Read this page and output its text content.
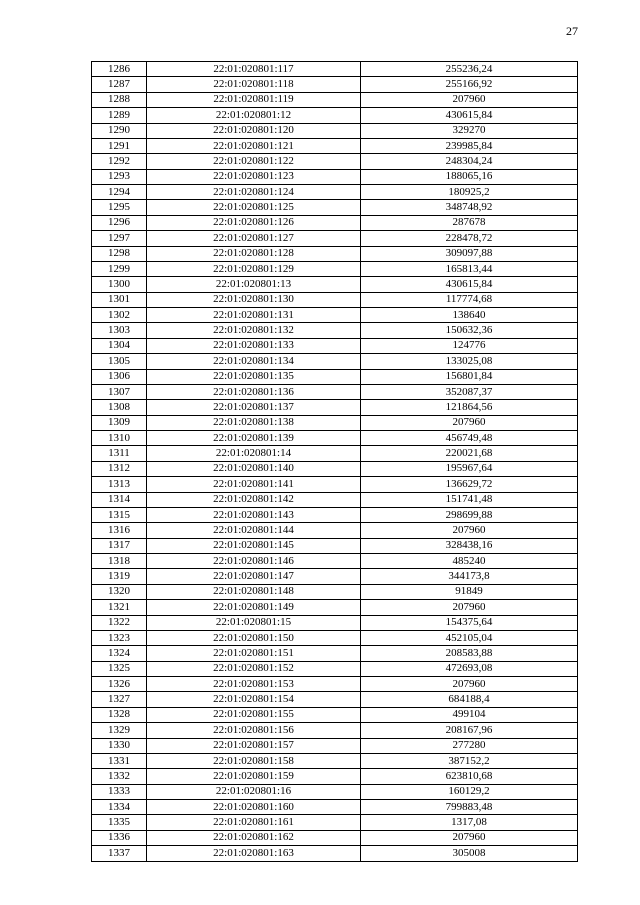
27
1286	22:01:020801:117	255236,24
1287	22:01:020801:118	255166,92
1288	22:01:020801:119	207960
1289	22:01:020801:12	430615,84
1290	22:01:020801:120	329270
1291	22:01:020801:121	239985,84
1292	22:01:020801:122	248304,24
1293	22:01:020801:123	188065,16
1294	22:01:020801:124	180925,2
1295	22:01:020801:125	348748,92
1296	22:01:020801:126	287678
1297	22:01:020801:127	228478,72
1298	22:01:020801:128	309097,88
1299	22:01:020801:129	165813,44
1300	22:01:020801:13	430615,84
1301	22:01:020801:130	117774,68
1302	22:01:020801:131	138640
1303	22:01:020801:132	150632,36
1304	22:01:020801:133	124776
1305	22:01:020801:134	133025,08
1306	22:01:020801:135	156801,84
1307	22:01:020801:136	352087,37
1308	22:01:020801:137	121864,56
1309	22:01:020801:138	207960
1310	22:01:020801:139	456749,48
1311	22:01:020801:14	220021,68
1312	22:01:020801:140	195967,64
1313	22:01:020801:141	136629,72
1314	22:01:020801:142	151741,48
1315	22:01:020801:143	298699,88
1316	22:01:020801:144	207960
1317	22:01:020801:145	328438,16
1318	22:01:020801:146	485240
1319	22:01:020801:147	344173,8
1320	22:01:020801:148	91849
1321	22:01:020801:149	207960
1322	22:01:020801:15	154375,64
1323	22:01:020801:150	452105,04
1324	22:01:020801:151	208583,88
1325	22:01:020801:152	472693,08
1326	22:01:020801:153	207960
1327	22:01:020801:154	684188,4
1328	22:01:020801:155	499104
1329	22:01:020801:156	208167,96
1330	22:01:020801:157	277280
1331	22:01:020801:158	387152,2
1332	22:01:020801:159	623810,68
1333	22:01:020801:16	160129,2
1334	22:01:020801:160	799883,48
1335	22:01:020801:161	1317,08
1336	22:01:020801:162	207960
1337	22:01:020801:163	305008
